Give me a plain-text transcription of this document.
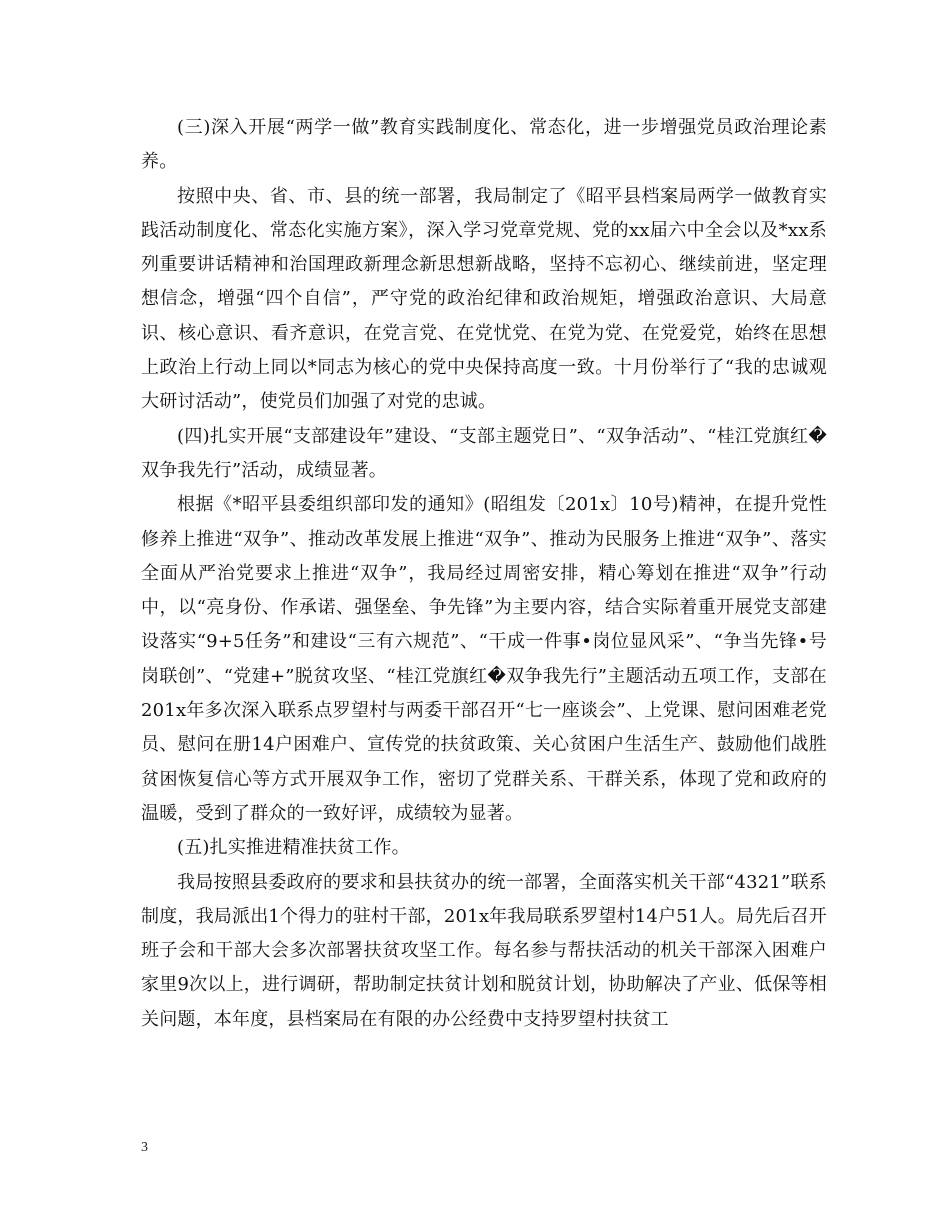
(三)深入开展“两学一做”教育实践制度化、常态化，进一步增强党员政治理论素养。

按照中央、省、市、县的统一部署，我局制定了《昭平县档案局两学一做教育实践活动制度化、常态化实施方案》，深入学习党章党规、党的xx届六中全会以及*xx系列重要讲话精神和治国理政新理念新思想新战略，坚持不忘初心、继续前进，坚定理想信念，增强“四个自信”，严守党的政治纪律和政治规矩，增强政治意识、大局意识、核心意识、看齐意识，在党言党、在党忧党、在党为党、在党爱党，始终在思想上政治上行动上同以*同志为核心的党中央保持高度一致。十月份举行了“我的忠诚观大研讨活动”，使党员们加强了对党的忠诚。

(四)扎实开展“支部建设年”建设、“支部主题党日”、“双争活动”、“桂江党旗红�双争我先行”活动，成绩显著。

根据《*昭平县委组织部印发的通知》(昭组发〔201x〕10号)精神，在提升党性修养上推进“双争”、推动改革发展上推进“双争”、推动为民服务上推进“双争”、落实全面从严治党要求上推进“双争”，我局经过周密安排，精心筹划在推进“双争”行动中，以“亮身份、作承诺、强堡垒、争先锋”为主要内容，结合实际着重开展党支部建设落实“9+5任务”和建设“三有六规范”、“干成一件事•岗位显风采”、“争当先锋•号岗联创”、“党建+”脱贫攻坚、“桂江党旗红�双争我先行”主题活动五项工作，支部在201x年多次深入联系点罗望村与两委干部召开“七一座谈会”、上党课、慰问困难老党员、慰问在册14户困难户、宣传党的扶贫政策、关心贫困户生活生产、鼓励他们战胜贫困恢复信心等方式开展双争工作，密切了党群关系、干群关系，体现了党和政府的温暖，受到了群众的一致好评，成绩较为显著。

(五)扎实推进精准扶贫工作。

我局按照县委政府的要求和县扶贫办的统一部署，全面落实机关干部“4321”联系制度，我局派出1个得力的驻村干部，201x年我局联系罗望村14户51人。局先后召开班子会和干部大会多次部署扶贫攻坚工作。每名参与帮扶活动的机关干部深入困难户家里9次以上，进行调研，帮助制定扶贫计划和脱贫计划，协助解决了产业、低保等相关问题，本年度，县档案局在有限的办公经费中支持罗望村扶贫工

3
